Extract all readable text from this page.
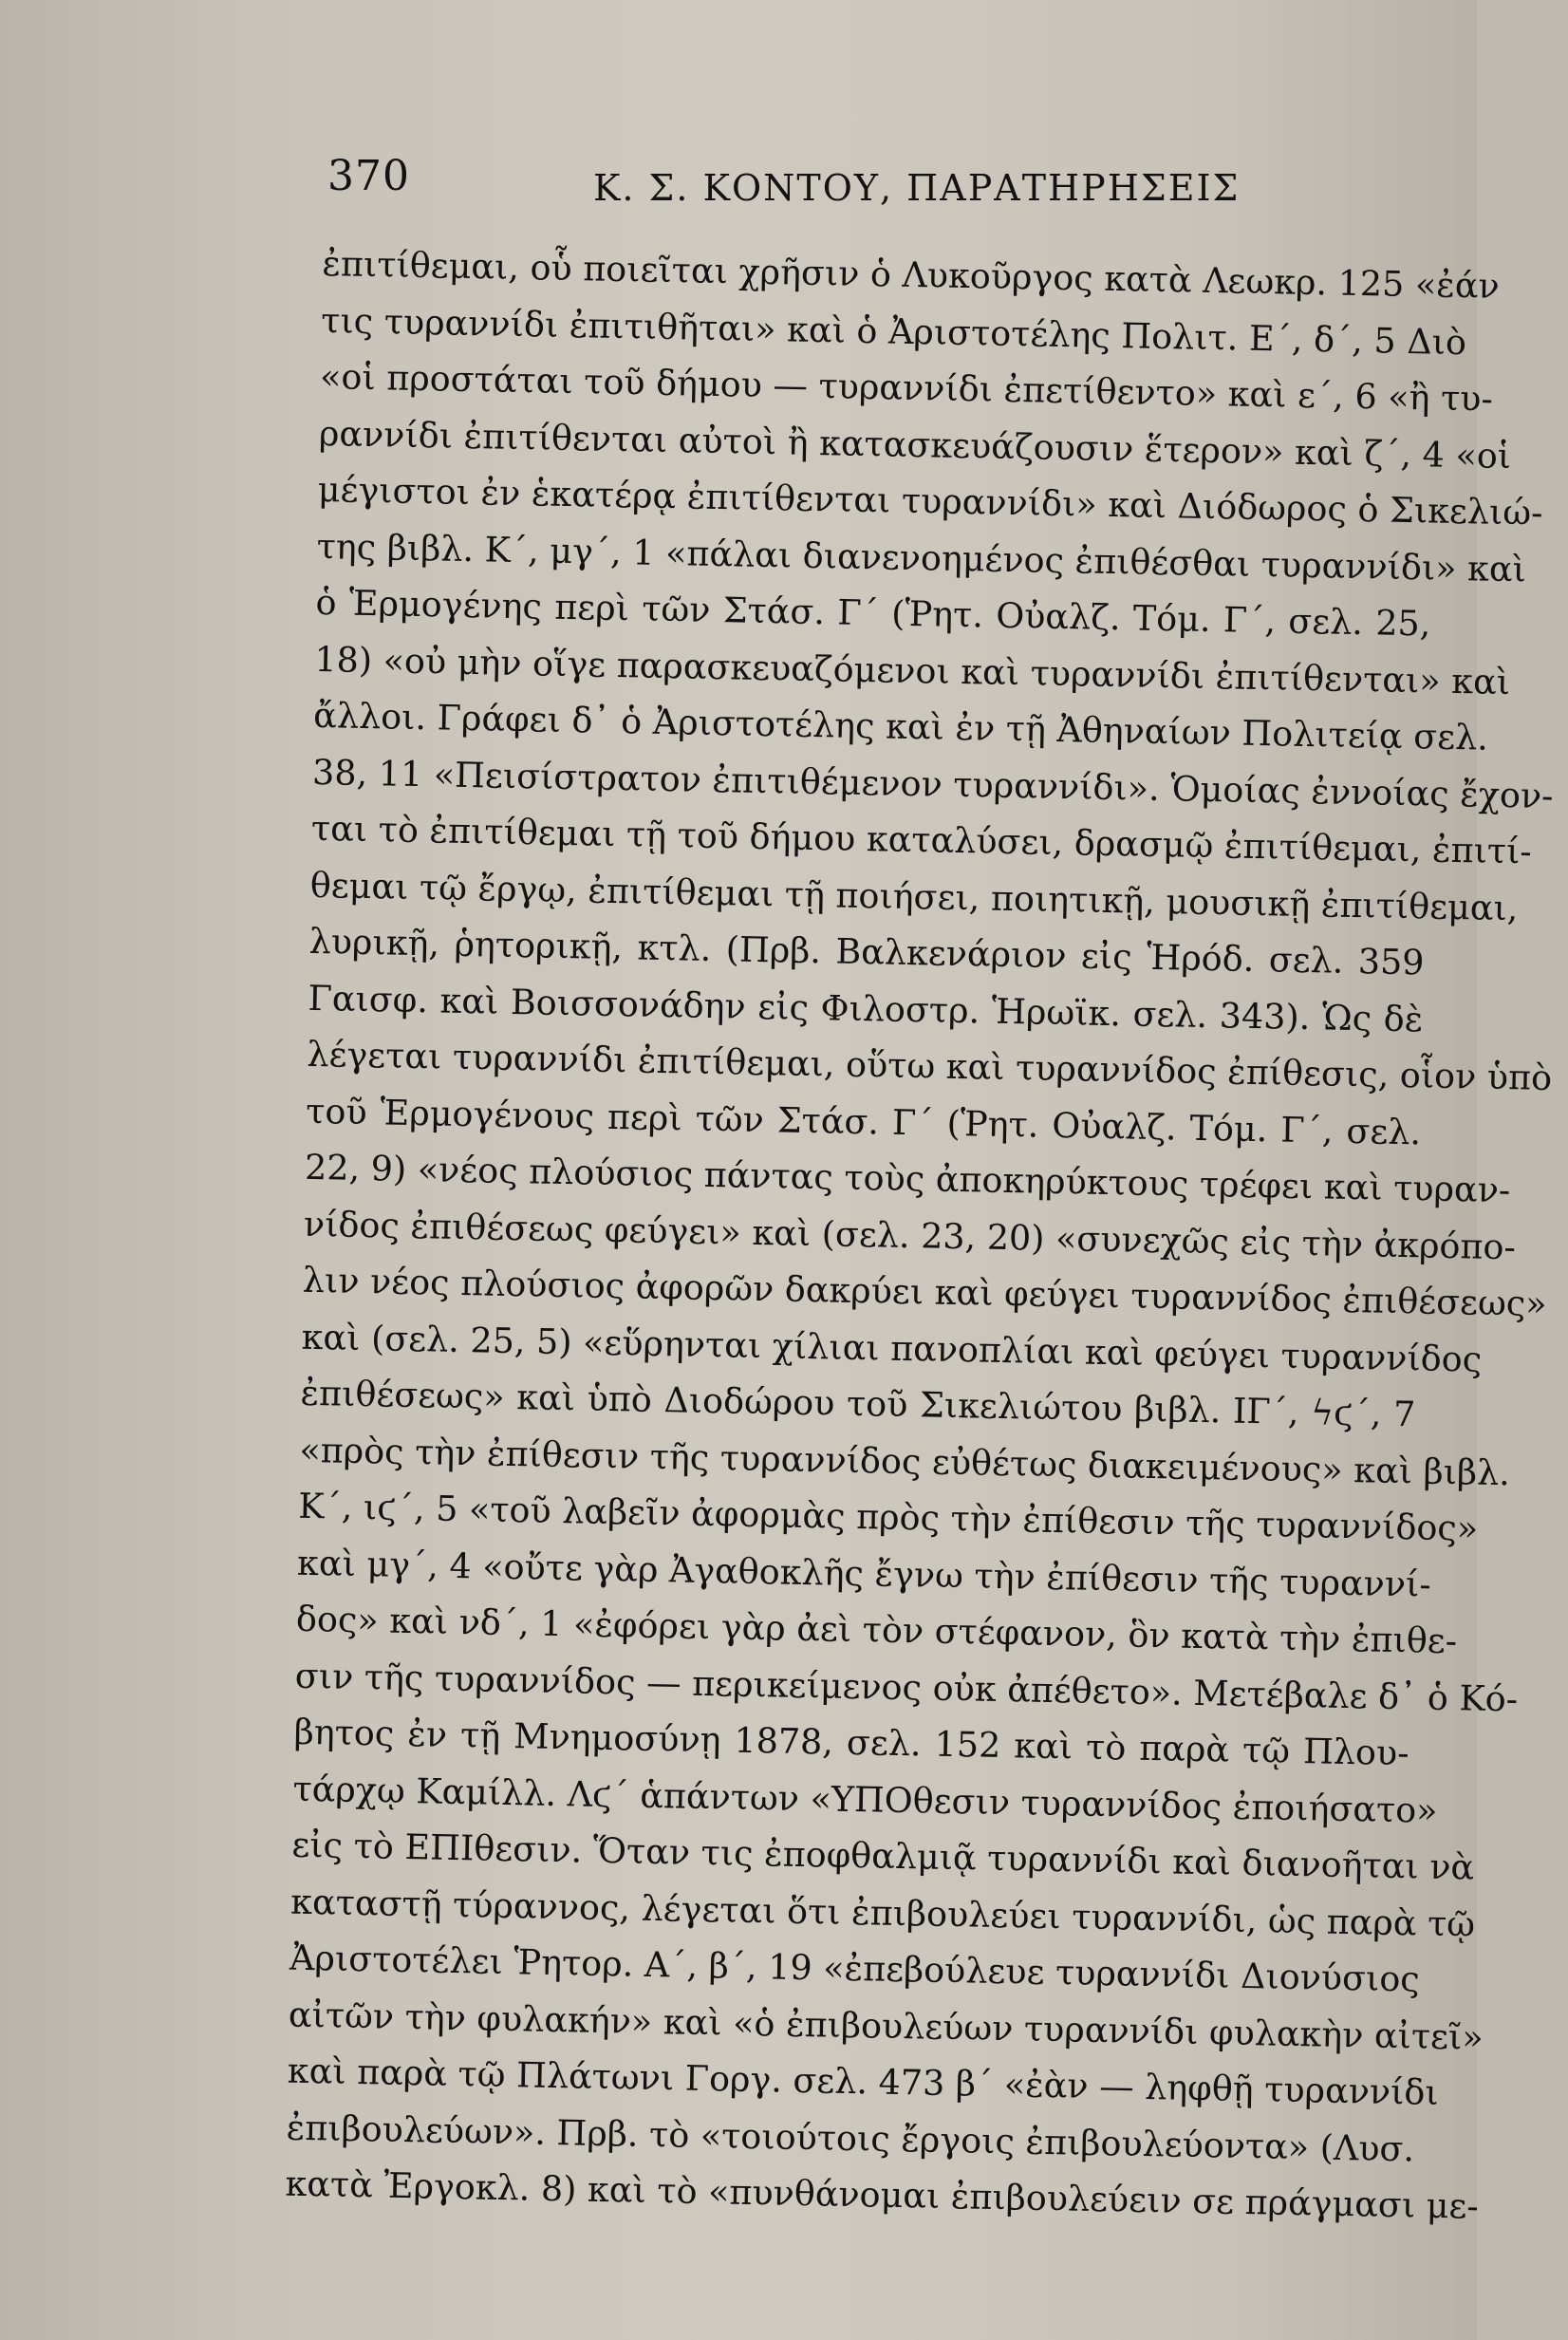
370	Κ. Σ. ΚΟΝΤΟΥ, ΠΑΡΑΤΗΡΗΣΕΙΣ
ἐπιτίθεμαι, οὗ ποιεῖται χρῆσιν ὁ Λυκοῦργος κατὰ Λεωκρ. 125 «ἐάν
τις τυραννίδι ἐπιτιθῆται» καὶ ὁ Ἀριστοτέλης Πολιτ. Ε΄, δ΄, 5 Διὸ
«οἱ προστάται τοῦ δήμου — τυραννίδι ἐπετίθεντο» καὶ ε΄, 6 «ἢ τυ-
ραννίδι ἐπιτίθενται αὐτοὶ ἢ κατασκευάζουσιν ἕτερον» καὶ ζ΄, 4 «οἱ
μέγιστοι ἐν ἑκατέρᾳ ἐπιτίθενται τυραννίδι» καὶ Διόδωρος ὁ Σικελιώ-
της βιβλ. Κ΄, μγ΄, 1 «πάλαι διανενοημένος ἐπιθέσθαι τυραννίδι» καὶ
ὁ Ἑρμογένης περὶ τῶν Στάσ. Γ΄ (Ῥητ. Οὐαλζ. Τόμ. Γ΄, σελ. 25,
18) «οὐ μὴν οἵγε παρασκευαζόμενοι καὶ τυραννίδι ἐπιτίθενται» καὶ
ἄλλοι. Γράφει δ᾽ ὁ Ἀριστοτέλης καὶ ἐν τῇ Ἀθηναίων Πολιτείᾳ σελ.
38, 11 «Πεισίστρατον ἐπιτιθέμενον τυραννίδι». Ὁμοίας ἐννοίας ἔχον-
ται τὸ ἐπιτίθεμαι τῇ τοῦ δήμου καταλύσει, δρασμῷ ἐπιτίθεμαι, ἐπιτί-
θεμαι τῷ ἔργῳ, ἐπιτίθεμαι τῇ ποιήσει, ποιητικῇ, μουσικῇ ἐπιτίθεμαι,
λυρικῇ, ῥητορικῇ, κτλ. (Πρβ. Βαλκενάριον εἰς Ἡρόδ. σελ. 359
Γαισφ. καὶ Βοισσονάδην εἰς Φιλοστρ. Ἡρωϊκ. σελ. 343). Ὡς δὲ
λέγεται τυραννίδι ἐπιτίθεμαι, οὕτω καὶ τυραννίδος ἐπίθεσις, οἷον ὑπὸ
τοῦ Ἑρμογένους περὶ τῶν Στάσ. Γ΄ (Ῥητ. Οὐαλζ. Τόμ. Γ΄, σελ.
22, 9) «νέος πλούσιος πάντας τοὺς ἀποκηρύκτους τρέφει καὶ τυραν-
νίδος ἐπιθέσεως φεύγει» καὶ (σελ. 23, 20) «συνεχῶς εἰς τὴν ἀκρόπο-
λιν νέος πλούσιος ἀφορῶν δακρύει καὶ φεύγει τυραννίδος ἐπιθέσεως»
καὶ (σελ. 25, 5) «εὕρηνται χίλιαι πανοπλίαι καὶ φεύγει τυραννίδος
ἐπιθέσεως» καὶ ὑπὸ Διοδώρου τοῦ Σικελιώτου βιβλ. ΙΓ΄, ϟϛ΄, 7
«πρὸς τὴν ἐπίθεσιν τῆς τυραννίδος εὐθέτως διακειμένους» καὶ βιβλ.
Κ΄, ιϛ΄, 5 «τοῦ λαβεῖν ἀφορμὰς πρὸς τὴν ἐπίθεσιν τῆς τυραννίδος»
καὶ μγ΄, 4 «οὔτε γὰρ Ἀγαθοκλῆς ἔγνω τὴν ἐπίθεσιν τῆς τυραννί-
δος» καὶ νδ΄, 1 «ἐφόρει γὰρ ἀεὶ τὸν στέφανον, ὃν κατὰ τὴν ἐπιθε-
σιν τῆς τυραννίδος — περικείμενος οὐκ ἀπέθετο». Μετέβαλε δ᾽ ὁ Κό-
βητος ἐν τῇ Μνημοσύνῃ 1878, σελ. 152 καὶ τὸ παρὰ τῷ Πλου-
τάρχῳ Καμίλλ. Λϛ΄ ἁπάντων «ΥΠΟθεσιν τυραννίδος ἐποιήσατο»
εἰς τὸ ΕΠΙθεσιν. Ὅταν τις ἐποφθαλμιᾷ τυραννίδι καὶ διανοῆται νὰ
καταστῇ τύραννος, λέγεται ὅτι ἐπιβουλεύει τυραννίδι, ὡς παρὰ τῷ
Ἀριστοτέλει Ῥητορ. Α΄, β΄, 19 «ἐπεβούλευε τυραννίδι Διονύσιος
αἰτῶν τὴν φυλακήν» καὶ «ὁ ἐπιβουλεύων τυραννίδι φυλακὴν αἰτεῖ»
καὶ παρὰ τῷ Πλάτωνι Γοργ. σελ. 473 β΄ «ἐὰν — ληφθῇ τυραννίδι
ἐπιβουλεύων». Πρβ. τὸ «τοιούτοις ἔργοις ἐπιβουλεύοντα» (Λυσ.
κατὰ Ἐργοκλ. 8) καὶ τὸ «πυνθάνομαι ἐπιβουλεύειν σε πράγμασι με-
